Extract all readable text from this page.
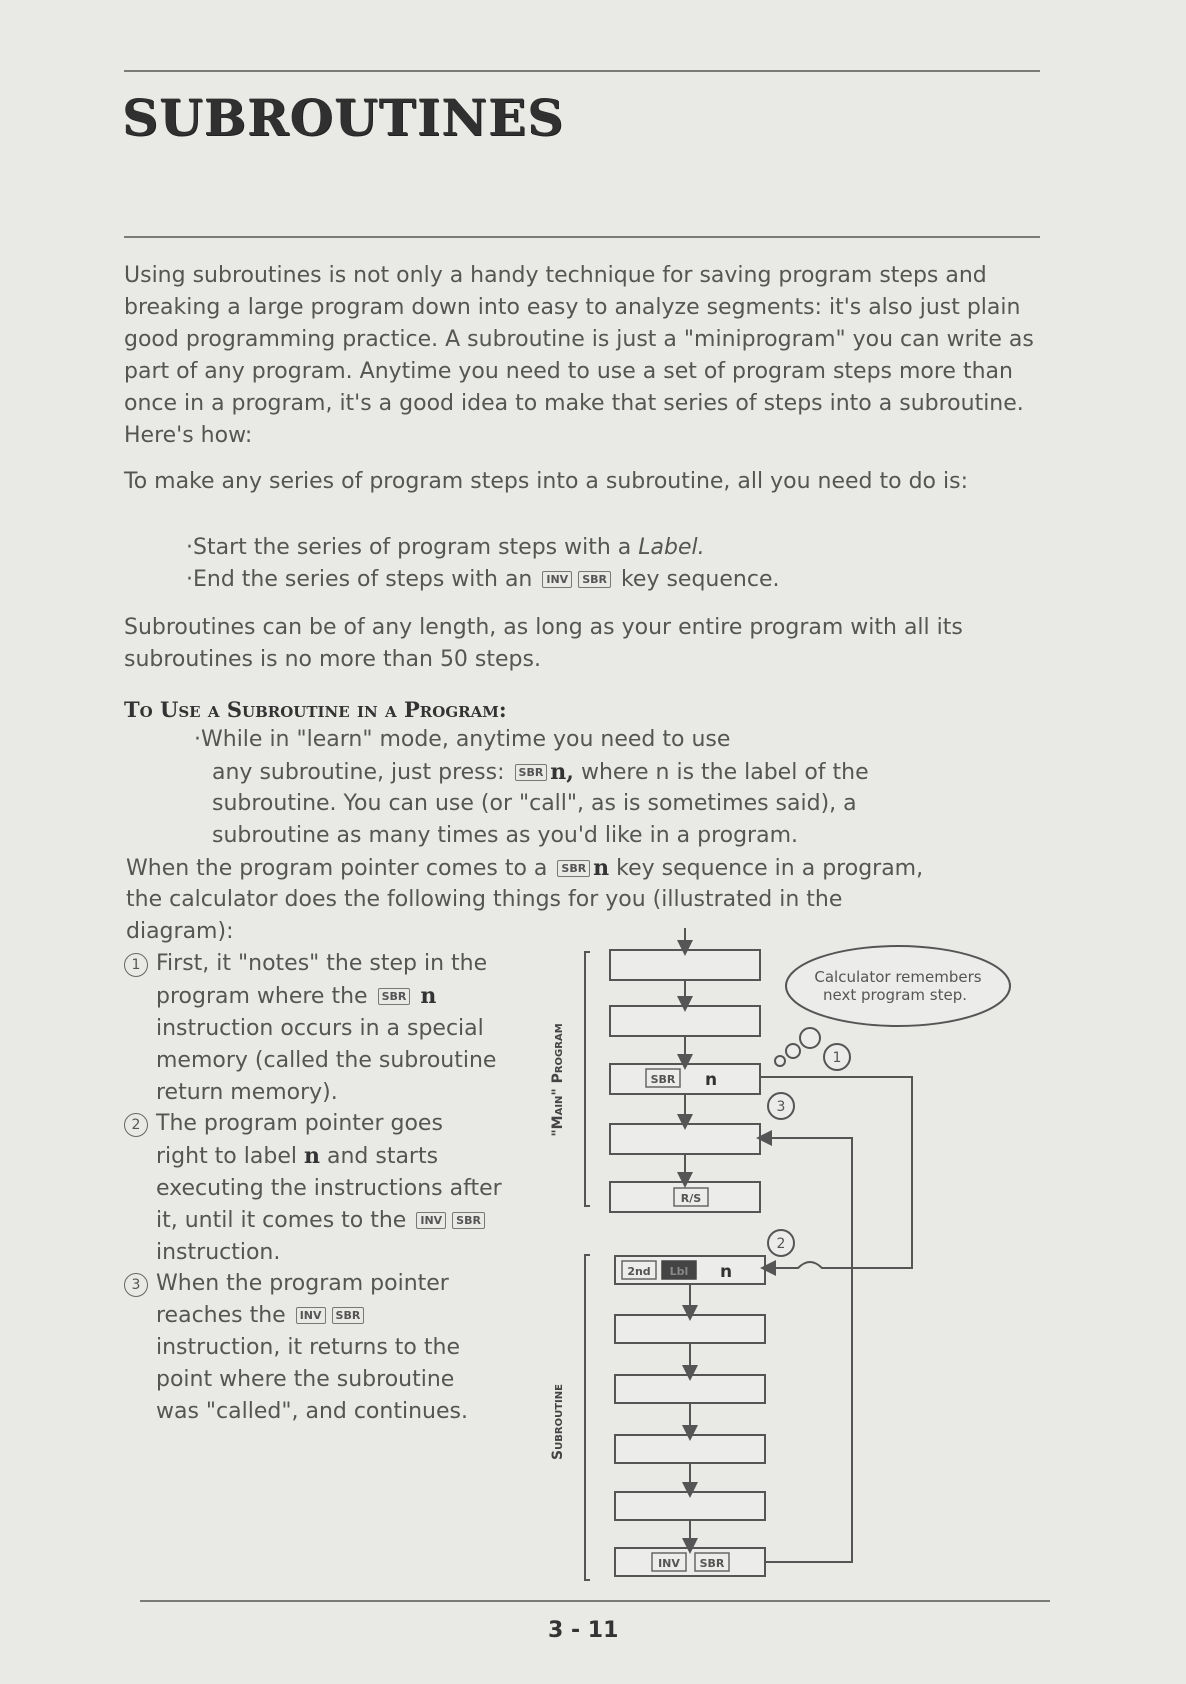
SUBROUTINES
Using subroutines is not only a handy technique for saving program steps and breaking a large program down into easy to analyze segments: it's also just plain good programming practice. A subroutine is just a "miniprogram" you can write as part of any program. Anytime you need to use a set of program steps more than once in a program, it's a good idea to make that series of steps into a subroutine. Here's how:
To make any series of program steps into a subroutine, all you need to do is:
·Start the series of program steps with a Label.
·End the series of steps with an INV SBR key sequence.
Subroutines can be of any length, as long as your entire program with all its subroutines is no more than 50 steps.
To Use a Subroutine in a Program:
·While in "learn" mode, anytime you need to use
any subroutine, just press: SBR n, where n is the label of the
subroutine. You can use (or "call", as is sometimes said), a
subroutine as many times as you'd like in a program.
When the program pointer comes to a SBR n key sequence in a program,
the calculator does the following things for you (illustrated in the
diagram):
1 First, it "notes" the step in the
program where the SBR n
instruction occurs in a special
memory (called the subroutine
return memory).
2 The program pointer goes
right to label n and starts
executing the instructions after
it, until it comes to the INV SBR
instruction.
3 When the program pointer
reaches the INV SBR
instruction, it returns to the
point where the subroutine
was "called", and continues.
Calculator remembers
next program step.
1
3
2
SBR n
R/S
2nd Lbl n
INV SBR
"Main" Program
Subroutine
3 - 11
